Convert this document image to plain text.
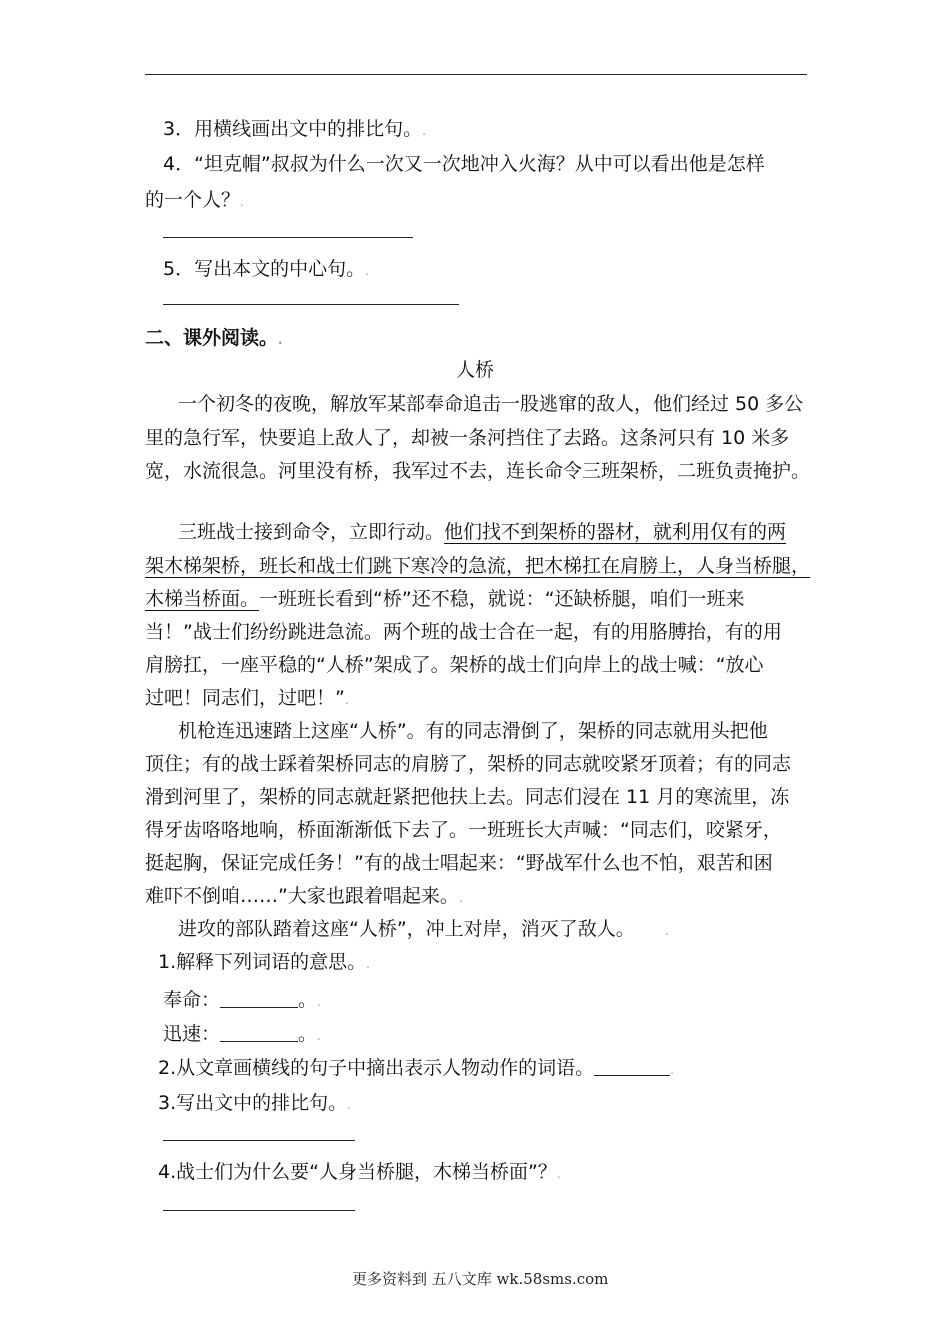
3．用横线画出文中的排比句。.
4．“坦克帽”叔叔为什么一次又一次地冲入火海？从中可以看出他是怎样
的一个人？.
5．写出本文的中心句。.
二、课外阅读。.
人桥
一个初冬的夜晚，解放军某部奉命追击一股逃窜的敌人，他们经过 50 多公
里的急行军，快要追上敌人了，却被一条河挡住了去路。这条河只有 10 米多
宽，水流很急。河里没有桥，我军过不去，连长命令三班架桥，二班负责掩护。
三班战士接到命令，立即行动。他们找不到架桥的器材，就利用仅有的两
架木梯架桥，班长和战士们跳下寒冷的急流，把木梯扛在肩膀上，人身当桥腿，
木梯当桥面。一班班长看到“桥”还不稳，就说：“还缺桥腿，咱们一班来
当！”战士们纷纷跳进急流。两个班的战士合在一起，有的用胳膊抬，有的用
肩膀扛，一座平稳的“人桥”架成了。架桥的战士们向岸上的战士喊：“放心
过吧！同志们，过吧！”.
机枪连迅速踏上这座“人桥”。有的同志滑倒了，架桥的同志就用头把他
顶住；有的战士踩着架桥同志的肩膀了，架桥的同志就咬紧牙顶着；有的同志
滑到河里了，架桥的同志就赶紧把他扶上去。同志们浸在 11 月的寒流里，冻
得牙齿咯咯地响，桥面渐渐低下去了。一班班长大声喊：“同志们，咬紧牙，
挺起胸，保证完成任务！”有的战士唱起来：“野战军什么也不怕，艰苦和困
难吓不倒咱……”大家也跟着唱起来。.
进攻的部队踏着这座“人桥”，冲上对岸，消灭了敌人。	.
1.解释下列词语的意思。.
奉命：	。.
迅速：	。.
2.从文章画横线的句子中摘出表示人物动作的词语。	.
3.写出文中的排比句。.
4.战士们为什么要“人身当桥腿，木梯当桥面”？.
更多资料到 五八文库 wk.58sms.com
